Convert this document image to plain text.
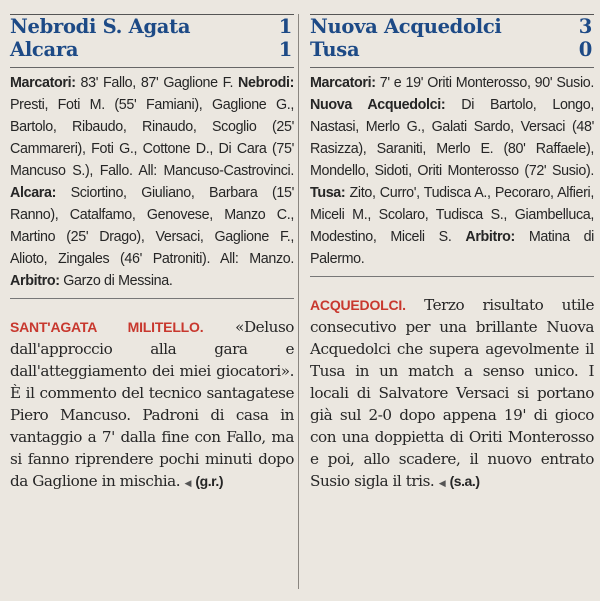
Nebrodi S. Agata	1
Alcara	1
Marcatori: 83' Fallo, 87' Gaglione F. Nebrodi: Presti, Foti M. (55' Famiani), Gaglione G., Bartolo, Ribaudo, Rinaudo, Scoglio (25' Cammareri), Foti G., Cottone D., Di Cara (75' Mancuso S.), Fallo. All: Mancuso-Castrovinci. Alcara: Sciortino, Giuliano, Barbara (15' Ranno), Catalfamo, Genovese, Manzo C., Martino (25' Drago), Versaci, Gaglione F., Alioto, Zingales (46' Patroniti). All: Manzo. Arbitro: Garzo di Messina.
SANT'AGATA MILITELLO. «Deluso dall'approccio alla gara e dall'atteggiamento dei miei giocatori». È il commento del tecnico santagatese Piero Mancuso. Padroni di casa in vantaggio a 7' dalla fine con Fallo, ma si fanno riprendere pochi minuti dopo da Gaglione in mischia. ◀ (g.r.)
Nuova Acquedolci	3
Tusa	0
Marcatori: 7' e 19' Oriti Monterosso, 90' Susio. Nuova Acquedolci: Di Bartolo, Longo, Nastasi, Merlo G., Galati Sardo, Versaci (48' Rasizza), Saraniti, Merlo E. (80' Raffaele), Mondello, Sidoti, Oriti Monterosso (72' Susio). Tusa: Zito, Curro', Tudisca A., Pecoraro, Alfieri, Miceli M., Scolaro, Tudisca S., Giambelluca, Modestino, Miceli S. Arbitro: Matina di Palermo.
ACQUEDOLCI. Terzo risultato utile consecutivo per una brillante Nuova Acquedolci che supera agevolmente il Tusa in un match a senso unico. I locali di Salvatore Versaci si portano già sul 2-0 dopo appena 19' di gioco con una doppietta di Oriti Monterosso e poi, allo scadere, il nuovo entrato Susio sigla il tris. ◀ (s.a.)
